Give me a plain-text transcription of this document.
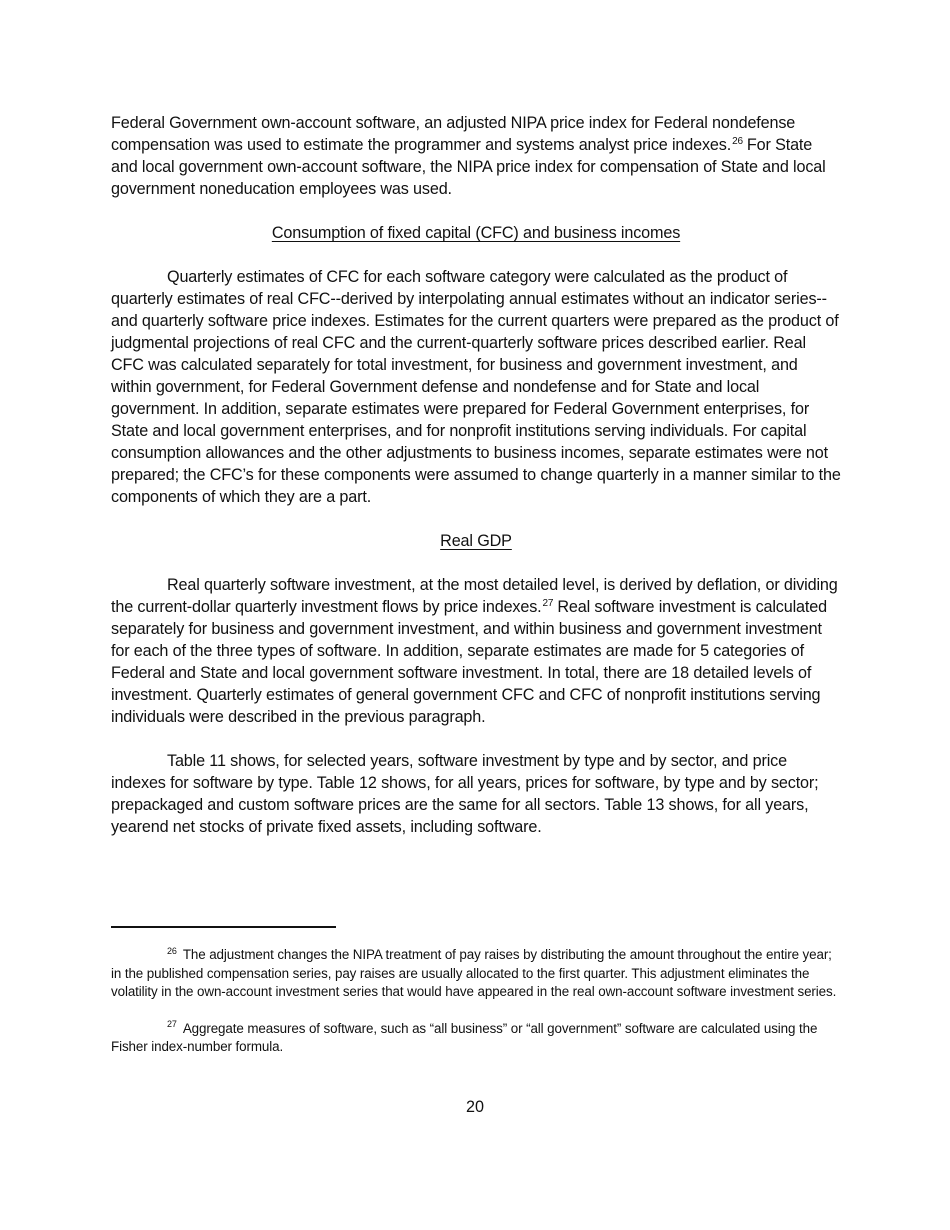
Federal Government own-account software, an adjusted NIPA price index for Federal nondefense compensation was used to estimate the programmer and systems analyst price indexes.$^{26}$ For State and local government own-account software, the NIPA price index for compensation of State and local government noneducation employees was used.

Consumption of fixed capital (CFC) and business incomes

Quarterly estimates of CFC for each software category were calculated as the product of quarterly estimates of real CFC--derived by interpolating annual estimates without an indicator series--and quarterly software price indexes. Estimates for the current quarters were prepared as the product of judgmental projections of real CFC and the current-quarterly software prices described earlier. Real CFC was calculated separately for total investment, for business and government investment, and within government, for Federal Government defense and nondefense and for State and local government. In addition, separate estimates were prepared for Federal Government enterprises, for State and local government enterprises, and for nonprofit institutions serving individuals. For capital consumption allowances and the other adjustments to business incomes, separate estimates were not prepared; the CFC’s for these components were assumed to change quarterly in a manner similar to the components of which they are a part.

Real GDP

Real quarterly software investment, at the most detailed level, is derived by deflation, or dividing the current-dollar quarterly investment flows by price indexes.$^{27}$ Real software investment is calculated separately for business and government investment, and within business and government investment for each of the three types of software. In addition, separate estimates are made for 5 categories of Federal and State and local government software investment. In total, there are 18 detailed levels of investment. Quarterly estimates of general government CFC and CFC of nonprofit institutions serving individuals were described in the previous paragraph.

Table 11 shows, for selected years, software investment by type and by sector, and price indexes for software by type. Table 12 shows, for all years, prices for software, by type and by sector; prepackaged and custom software prices are the same for all sectors. Table 13 shows, for all years, yearend net stocks of private fixed assets, including software.

$^{26}$ The adjustment changes the NIPA treatment of pay raises by distributing the amount throughout the entire year; in the published compensation series, pay raises are usually allocated to the first quarter. This adjustment eliminates the volatility in the own-account investment series that would have appeared in the real own-account software investment series.

$^{27}$ Aggregate measures of software, such as “all business” or “all government” software are calculated using the Fisher index-number formula.

20
